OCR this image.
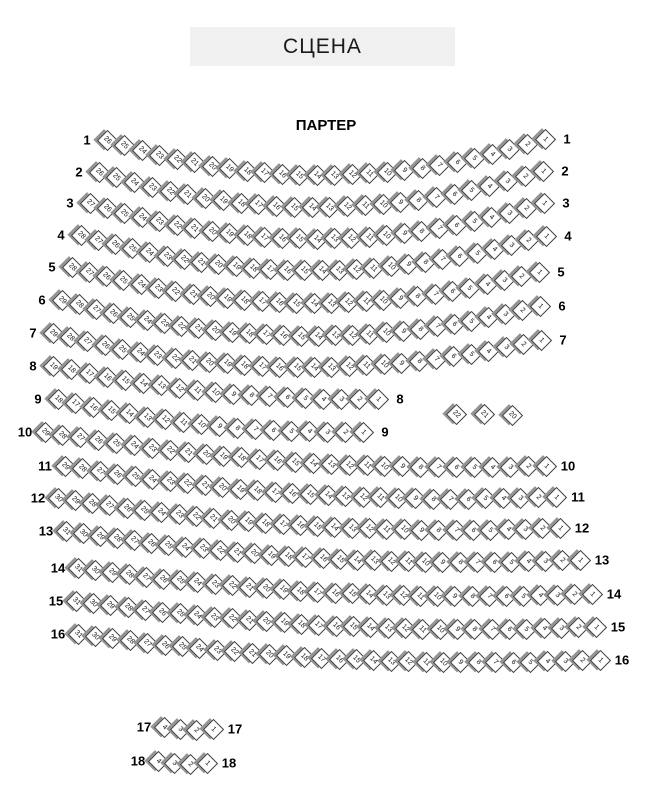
СЦЕНА
ПАРТЕР
26
25	24	23	22	21	20	19	18	17	16	15	14	13	12	11	10	9	8	7	6	5
4
3
2
1
1	1
26
25	24	23	22	21	20	19	18	17	16	15	14	13	12	11	10	9	8	7	6	5
4
3
2
1
2	2
27
26	25 24	23 22	21 20	19 18	17 16	15	14 13	12	11	10	9	8	7	6	5
4
3
2
1
3	3
28 27 26 25 24 23 22 21 20 19 18 17 16 15 14 13 12 11 10	9	8	7	6	5	4
3
2
1
4	4
28 27 26 25 24 23 22 21 20 19 18 17 16 15 14 13 12	11	10	9	8	7	6	5	4
3
2
1
5	5
29 28 27 26 25 24 23 22 21 20 19 18 17 16 15 14 13 12 11 10	9	8	7	6	5	4	3
2
1
6	6
29 28 27 26 25 24 23 22 21 20 19 18 17 16 15 14 13 12	11	10	9	8	7	6	5	4	3	2
1
7	7
19	18	17	16	15	14	13	12	11	10	9	8	7	6	5	4	3	2	1
8
8
18	17	16	15	14	13	12	11	10	9	8	7	6	5	4	3	2	1
9
9
29	28	27	26	25	24	23	22	21	20	19	18	17	16	15	14	13	12	11	10	9	8	7	6	5	4	3	2	1
10
10
29	28	27	26	25	24	23	22	21	20	19	18	17	16	15	14	13	12	11	10	9	8	7	6	5	4	3	2	1
11
11
30 29 28 27 26 25 24 23 22 21 20 19 18 17 16 15 14 13 12	11	10	9	8	7	6	5	4	3	2	1
12
12
31 30 29 28 27 26 25 24 23 22 21 20 19 18 17 16 15 14 13 12 11 10	9	8	7	6	5	4	3	2	1
13
13
31 30 29 28 27 26 25 24 23 22 21 20 19 18 17 16 15 14 13 12 11 10	9	8	7	6	5	4	3	2	1
14
14
31 30 29 28 27 26 25 24 23 22 21 20 19 18 17 16 15 14 13 12	11	10	9	8	7	6	5	4	3	2	1
15
15
31 30 29 28 27 26 25 24 23 22 21 20 19 18 17 16 15 14 13 12	11	10	9	8	7	6	5	4	3	2	1
16
16
4	3	2	1
17	17
4	3	2	1
18	18
22	21	20
